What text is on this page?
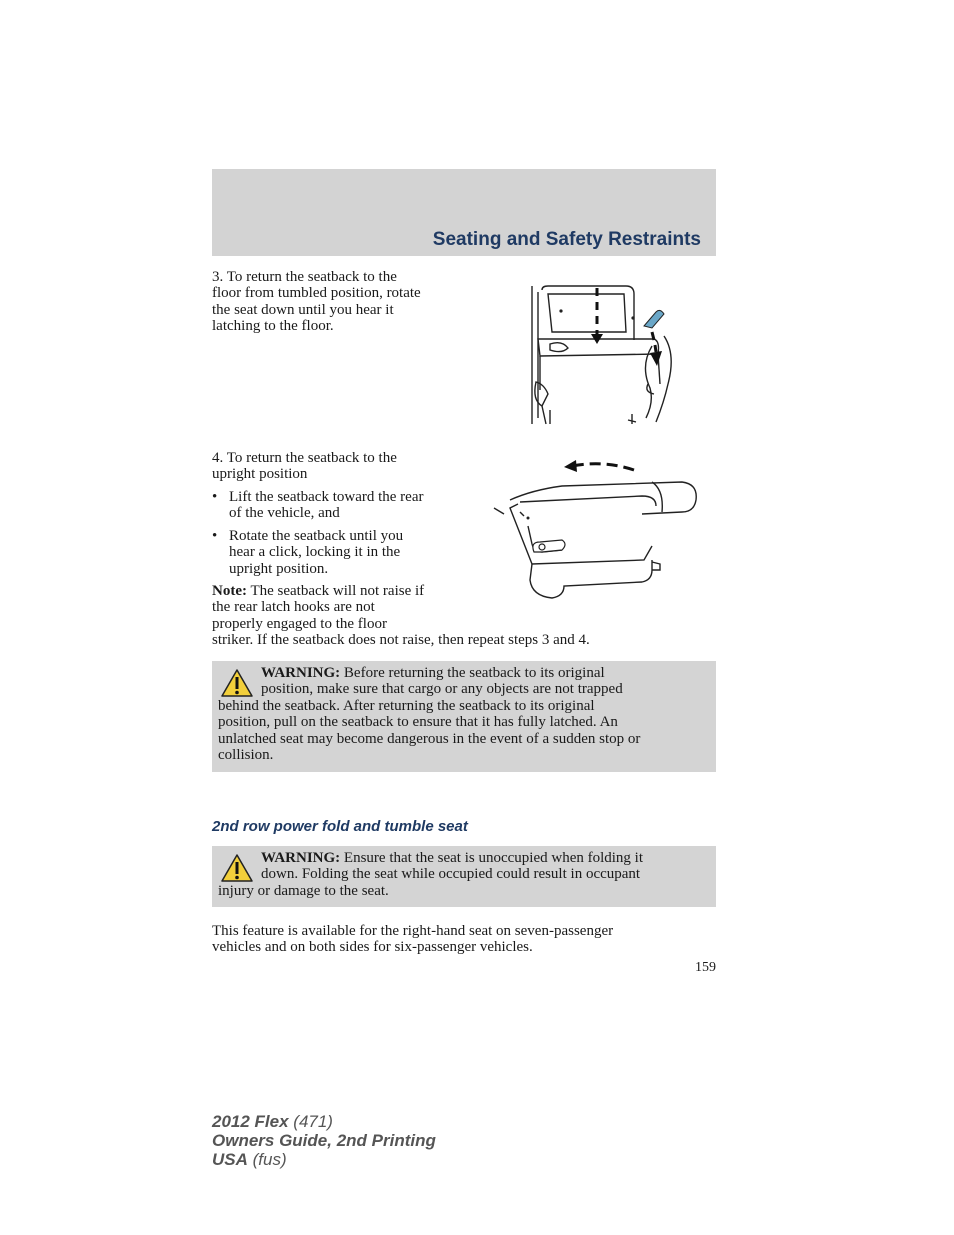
Seating and Safety Restraints
3. To return the seatback to the
floor from tumbled position, rotate
the seat down until you hear it
latching to the floor.
4. To return the seatback to the
upright position
• Lift the seatback toward the rear
of the vehicle, and
• Rotate the seatback until you
hear a click, locking it in the
upright position.
Note: The seatback will not raise if
the rear latch hooks are not
properly engaged to the floor
striker. If the seatback does not raise, then repeat steps 3 and 4.
WARNING: Before returning the seatback to its original
position, make sure that cargo or any objects are not trapped
behind the seatback. After returning the seatback to its original
position, pull on the seatback to ensure that it has fully latched. An
unlatched seat may become dangerous in the event of a sudden stop or
collision.
2nd row power fold and tumble seat
WARNING: Ensure that the seat is unoccupied when folding it
down. Folding the seat while occupied could result in occupant
injury or damage to the seat.
This feature is available for the right-hand seat on seven-passenger
vehicles and on both sides for six-passenger vehicles.
159
2012 Flex (471)
Owners Guide, 2nd Printing
USA (fus)
